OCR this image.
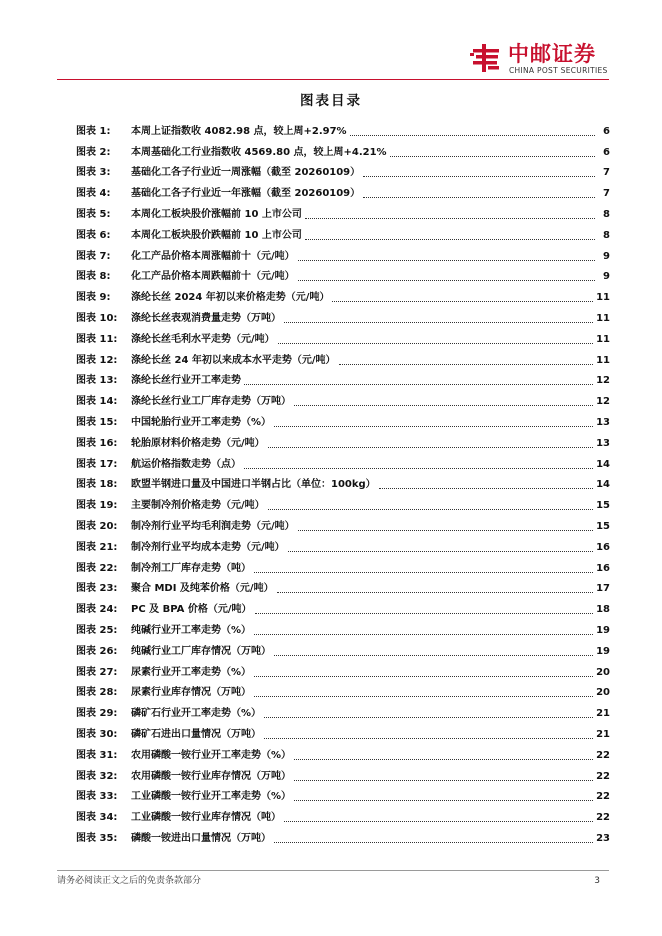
中邮证券
CHINA POST SECURITIES
图表目录
图表 1:	本周上证指数收 4082.98 点，较上周+2.97%	6
图表 2:	本周基础化工行业指数收 4569.80 点，较上周+4.21%	6
图表 3:	基础化工各子行业近一周涨幅（截至 20260109）	7
图表 4:	基础化工各子行业近一年涨幅（截至 20260109）	7
图表 5:	本周化工板块股价涨幅前 10 上市公司	8
图表 6:	本周化工板块股价跌幅前 10 上市公司	8
图表 7:	化工产品价格本周涨幅前十（元/吨）	9
图表 8:	化工产品价格本周跌幅前十（元/吨）	9
图表 9:	涤纶长丝 2024 年初以来价格走势（元/吨）	11
图表 10:	涤纶长丝表观消费量走势（万吨）	11
图表 11:	涤纶长丝毛利水平走势（元/吨）	11
图表 12:	涤纶长丝 24 年初以来成本水平走势（元/吨）	11
图表 13:	涤纶长丝行业开工率走势	12
图表 14:	涤纶长丝行业工厂库存走势（万吨）	12
图表 15:	中国轮胎行业开工率走势（%）	13
图表 16:	轮胎原材料价格走势（元/吨）	13
图表 17:	航运价格指数走势（点）	14
图表 18:	欧盟半钢进口量及中国进口半钢占比（单位：100kg）	14
图表 19:	主要制冷剂价格走势（元/吨）	15
图表 20:	制冷剂行业平均毛利润走势（元/吨）	15
图表 21:	制冷剂行业平均成本走势（元/吨）	16
图表 22:	制冷剂工厂库存走势（吨）	16
图表 23:	聚合 MDI 及纯苯价格（元/吨）	17
图表 24:	PC 及 BPA 价格（元/吨）	18
图表 25:	纯碱行业开工率走势（%）	19
图表 26:	纯碱行业工厂库存情况（万吨）	19
图表 27:	尿素行业开工率走势（%）	20
图表 28:	尿素行业库存情况（万吨）	20
图表 29:	磷矿石行业开工率走势（%）	21
图表 30:	磷矿石进出口量情况（万吨）	21
图表 31:	农用磷酸一铵行业开工率走势（%）	22
图表 32:	农用磷酸一铵行业库存情况（万吨）	22
图表 33:	工业磷酸一铵行业开工率走势（%）	22
图表 34:	工业磷酸一铵行业库存情况（吨）	22
图表 35:	磷酸一铵进出口量情况（万吨）	23
请务必阅读正文之后的免责条款部分	3
